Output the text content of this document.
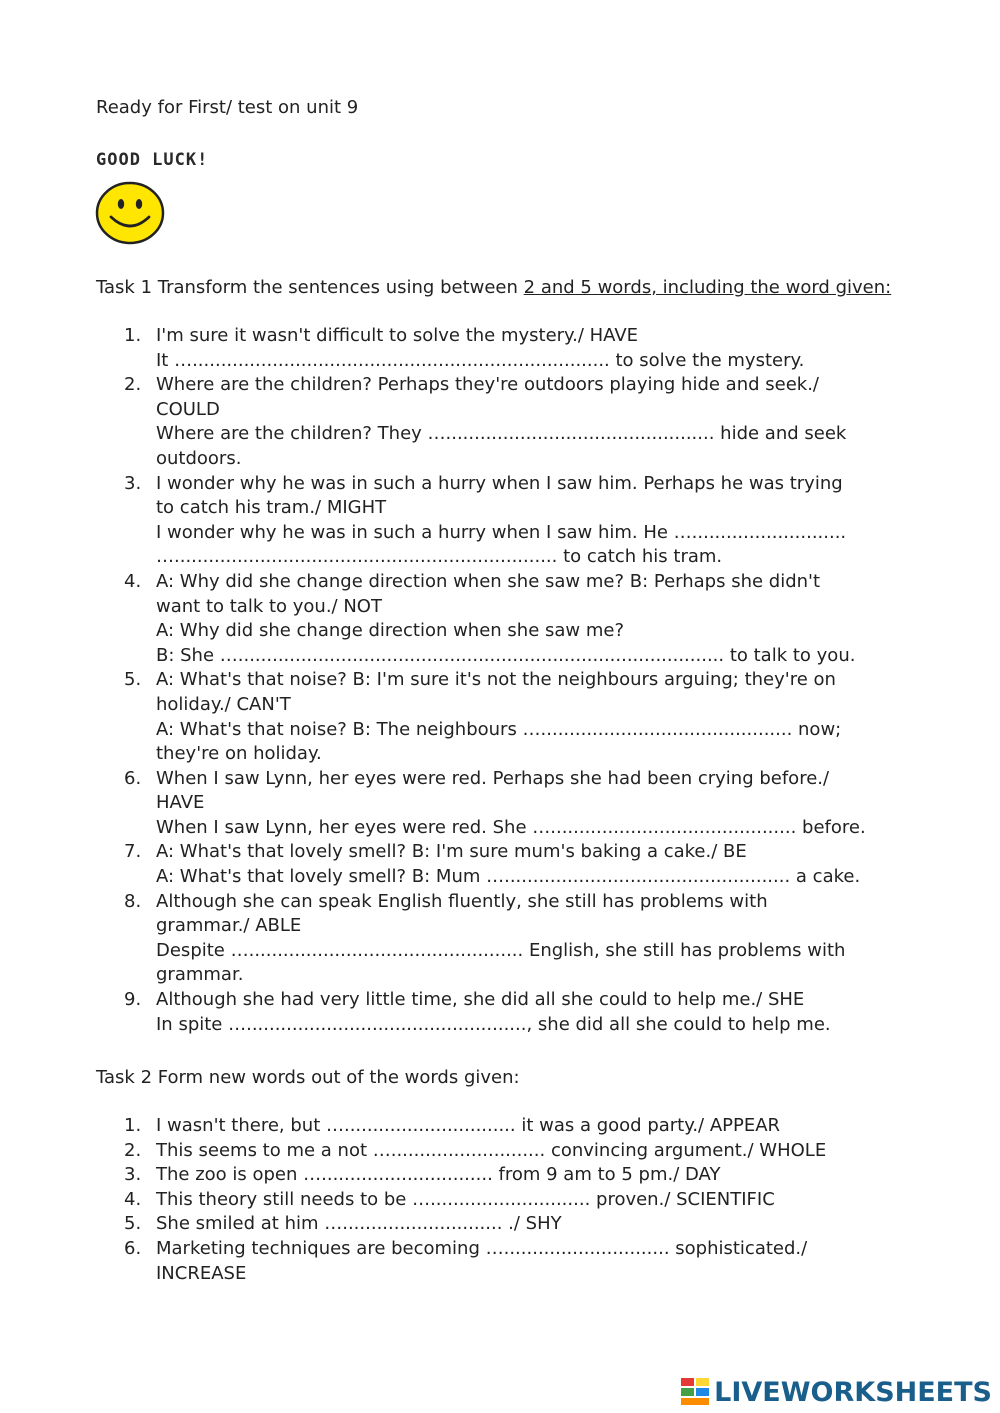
Ready for First/ test on unit 9
GOOD LUCK!
Task 1 Transform the sentences using between 2 and 5 words, including the word given:
1. I'm sure it wasn't difficult to solve the mystery./ HAVE
It …......................................................................... to solve the mystery.
2. Where are the children? Perhaps they're outdoors playing hide and seek./
COULD
Where are the children? They …............................................... hide and seek
outdoors.
3. I wonder why he was in such a hurry when I saw him. Perhaps he was trying
to catch his tram./ MIGHT
I wonder why he was in such a hurry when I saw him. He …...........................
…................................................................... to catch his tram.
4. A: Why did she change direction when she saw me? B: Perhaps she didn't
want to talk to you./ NOT
A: Why did she change direction when she saw me?
B: She …..................................................................................... to talk to you.
5. A: What's that noise? B: I'm sure it's not the neighbours arguing; they're on
holiday./ CAN'T
A: What's that noise? B: The neighbours …............................................ now;
they're on holiday.
6. When I saw Lynn, her eyes were red. Perhaps she had been crying before./
HAVE
When I saw Lynn, her eyes were red. She …........................................... before.
7. A: What's that lovely smell? B: I'm sure mum's baking a cake./ BE
A: What's that lovely smell? B: Mum ….................................................. a cake.
8. Although she can speak English fluently, she still has problems with
grammar./ ABLE
Despite …................................................ English, she still has problems with
grammar.
9. Although she had very little time, she did all she could to help me./ SHE
In spite …................................................., she did all she could to help me.
Task 2 Form new words out of the words given:
1. I wasn't there, but ….............................. it was a good party./ APPEAR
2. This seems to me a not …........................... convincing argument./ WHOLE
3. The zoo is open ….............................. from 9 am to 5 pm./ DAY
4. This theory still needs to be …............................ proven./ SCIENTIFIC
5. She smiled at him …............................ ./ SHY
6. Marketing techniques are becoming …............................. sophisticated./
INCREASE
LIVEWORKSHEETS
